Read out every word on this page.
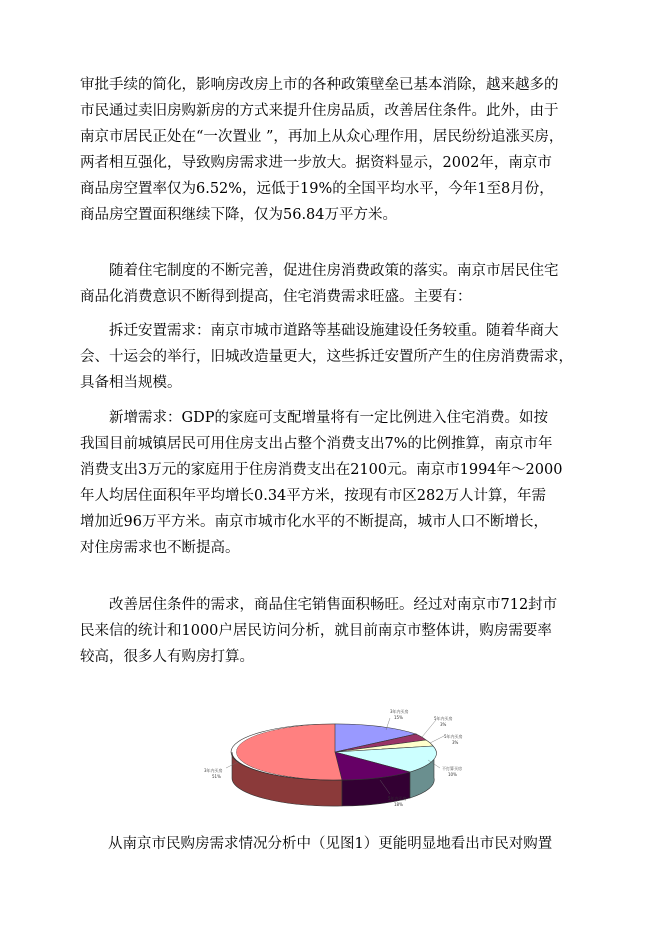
审批手续的简化，影响房改房上市的各种政策壁垒已基本消除，越来越多的
市民通过卖旧房购新房的方式来提升住房品质，改善居住条件。此外，由于
南京市居民正处在“一次置业 ”，再加上从众心理作用，居民纷纷追涨买房，
两者相互强化，导致购房需求进一步放大。据资料显示，2002年，南京市
商品房空置率仅为6.52%，远低于19%的全国平均水平，今年1至8月份，
商品房空置面积继续下降，仅为56.84万平方米。
随着住宅制度的不断完善，促进住房消费政策的落实。南京市居民住宅
商品化消费意识不断得到提高，住宅消费需求旺盛。主要有：
拆迁安置需求：南京市城市道路等基础设施建设任务较重。随着华商大
会、十运会的举行，旧城改造量更大，这些拆迁安置所产生的住房消费需求，
具备相当规模。
新增需求：GDP的家庭可支配增量将有一定比例进入住宅消费。如按
我国目前城镇居民可用住房支出占整个消费支出7%的比例推算，南京市年
消费支出3万元的家庭用于住房消费支出在2100元。南京市1994年～2000
年人均居住面积年平均增长0.34平方米，按现有市区282万人计算，年需
增加近96万平方米。南京市城市化水平的不断提高，城市人口不断增长，
对住房需求也不断提高。
改善居住条件的需求，商品住宅销售面积畅旺。经过对南京市712封市
民来信的统计和1000户居民访问分析，就目前南京市整体讲，购房需要率
较高，很多人有购房打算。
3年内买房
15%	5年内买房
3%
5年内买房
3%
不打算买房
10%
5年内买房
18%
3年内买房
51%
从南京市民购房需求情况分析中（见图1）更能明显地看出市民对购置
